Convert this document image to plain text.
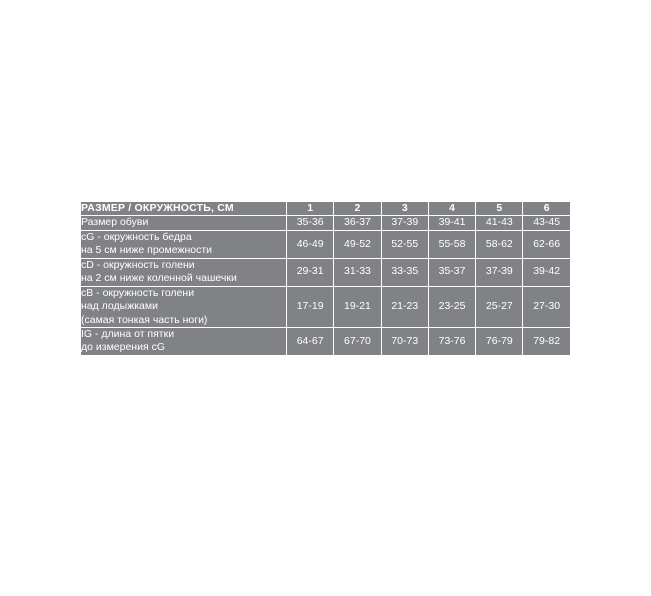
РАЗМЕР / ОКРУЖНОСТЬ, СМ	1	2	3	4	5	6

Размер обуви	35-36	36-37	37-39	39-41	41-43	43-45

cG - окружность бедра
на 5 см ниже промежности	46-49	49-52	52-55	55-58	58-62	62-66

cD - окружность голени
на 2 см ниже коленной чашечки	29-31	31-33	33-35	35-37	37-39	39-42

cB - окружность голени
над лодыжками
(самая тонкая часть ноги)	17-19	19-21	21-23	23-25	25-27	27-30

IG - длина от пятки
до измерения cG	64-67	67-70	70-73	73-76	76-79	79-82
